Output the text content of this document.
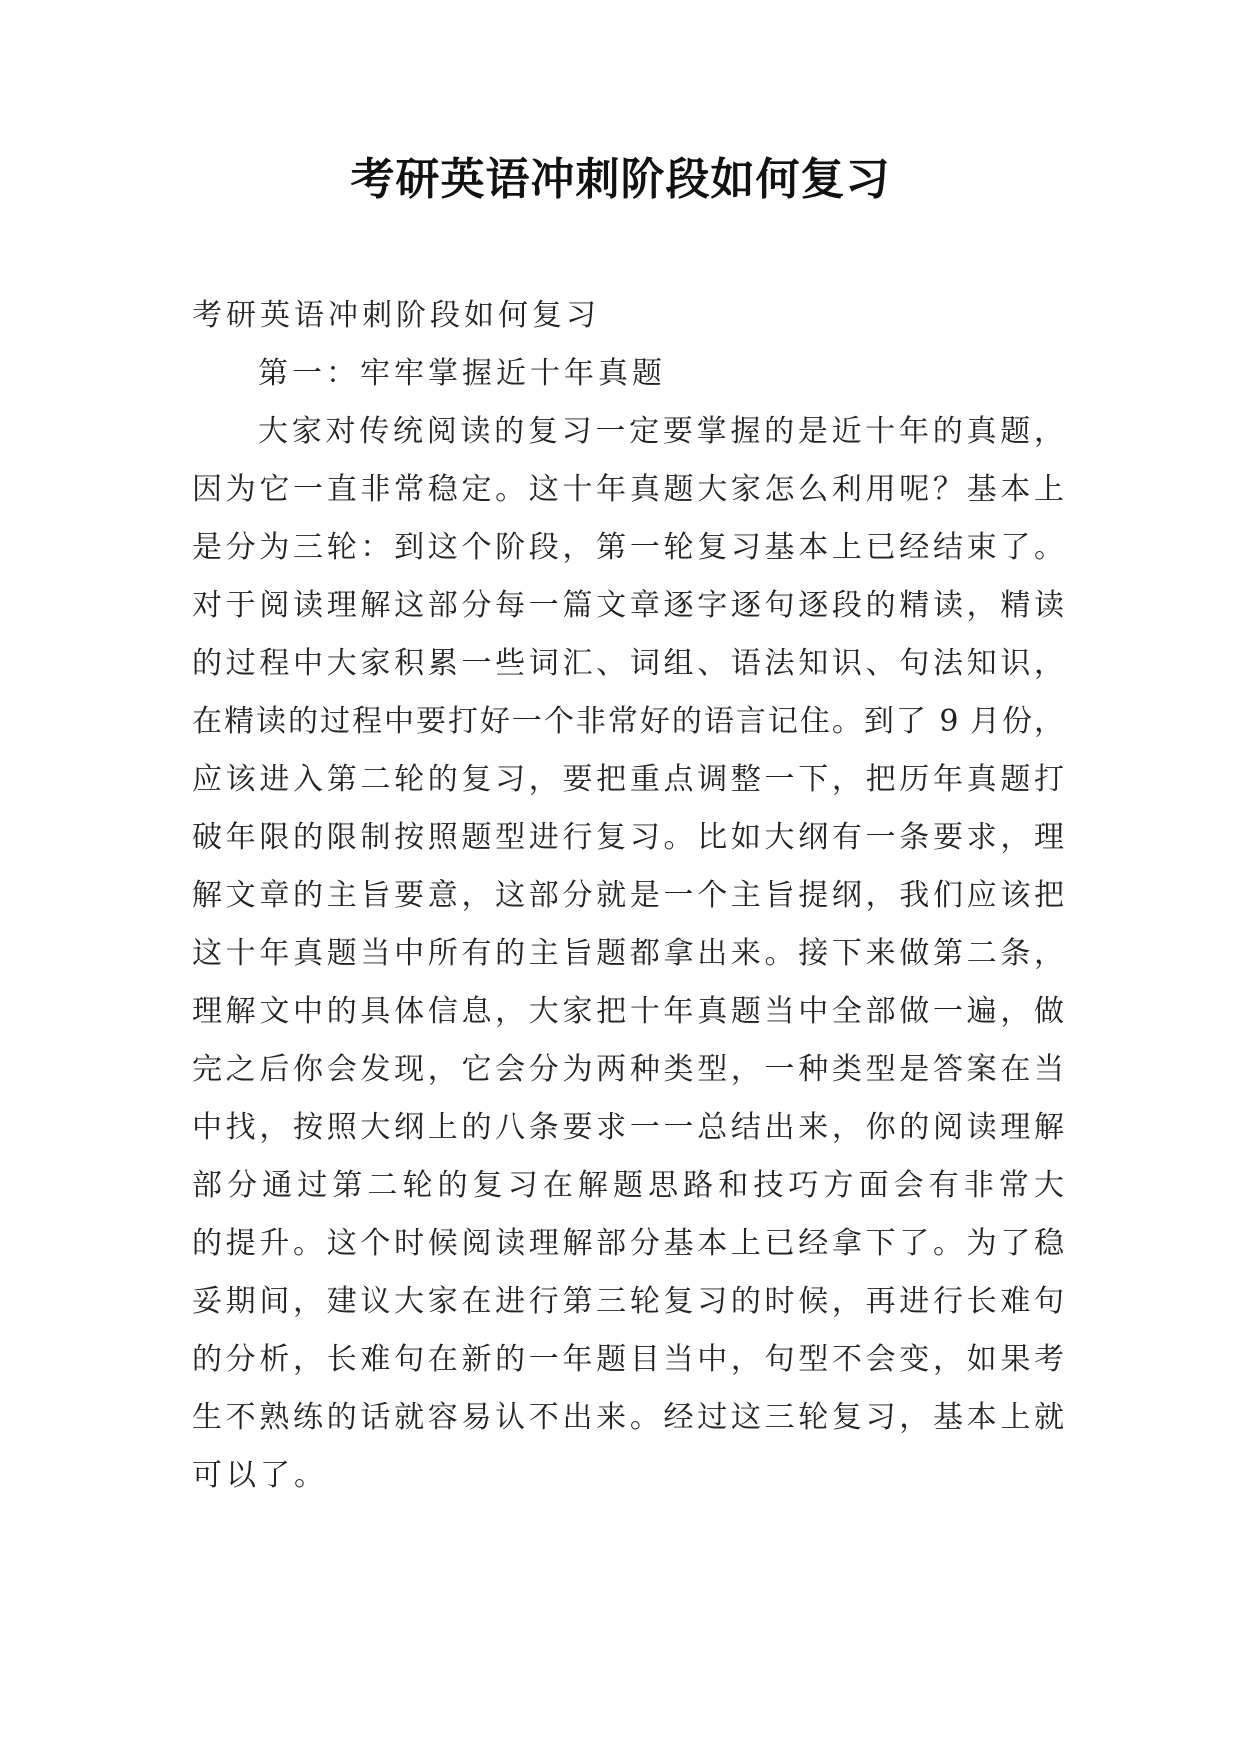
考研英语冲刺阶段如何复习
考研英语冲刺阶段如何复习
第一：牢牢掌握近十年真题
大家对传统阅读的复习一定要掌握的是近十年的真题，
因为它一直非常稳定。这十年真题大家怎么利用呢？基本上
是分为三轮：到这个阶段，第一轮复习基本上已经结束了。
对于阅读理解这部分每一篇文章逐字逐句逐段的精读，精读
的过程中大家积累一些词汇、词组、语法知识、句法知识，
在精读的过程中要打好一个非常好的语言记住。到了 9 月份，
应该进入第二轮的复习，要把重点调整一下，把历年真题打
破年限的限制按照题型进行复习。比如大纲有一条要求，理
解文章的主旨要意，这部分就是一个主旨提纲，我们应该把
这十年真题当中所有的主旨题都拿出来。接下来做第二条，
理解文中的具体信息，大家把十年真题当中全部做一遍，做
完之后你会发现，它会分为两种类型，一种类型是答案在当
中找，按照大纲上的八条要求一一总结出来，你的阅读理解
部分通过第二轮的复习在解题思路和技巧方面会有非常大
的提升。这个时候阅读理解部分基本上已经拿下了。为了稳
妥期间，建议大家在进行第三轮复习的时候，再进行长难句
的分析，长难句在新的一年题目当中，句型不会变，如果考
生不熟练的话就容易认不出来。经过这三轮复习，基本上就
可以了。
